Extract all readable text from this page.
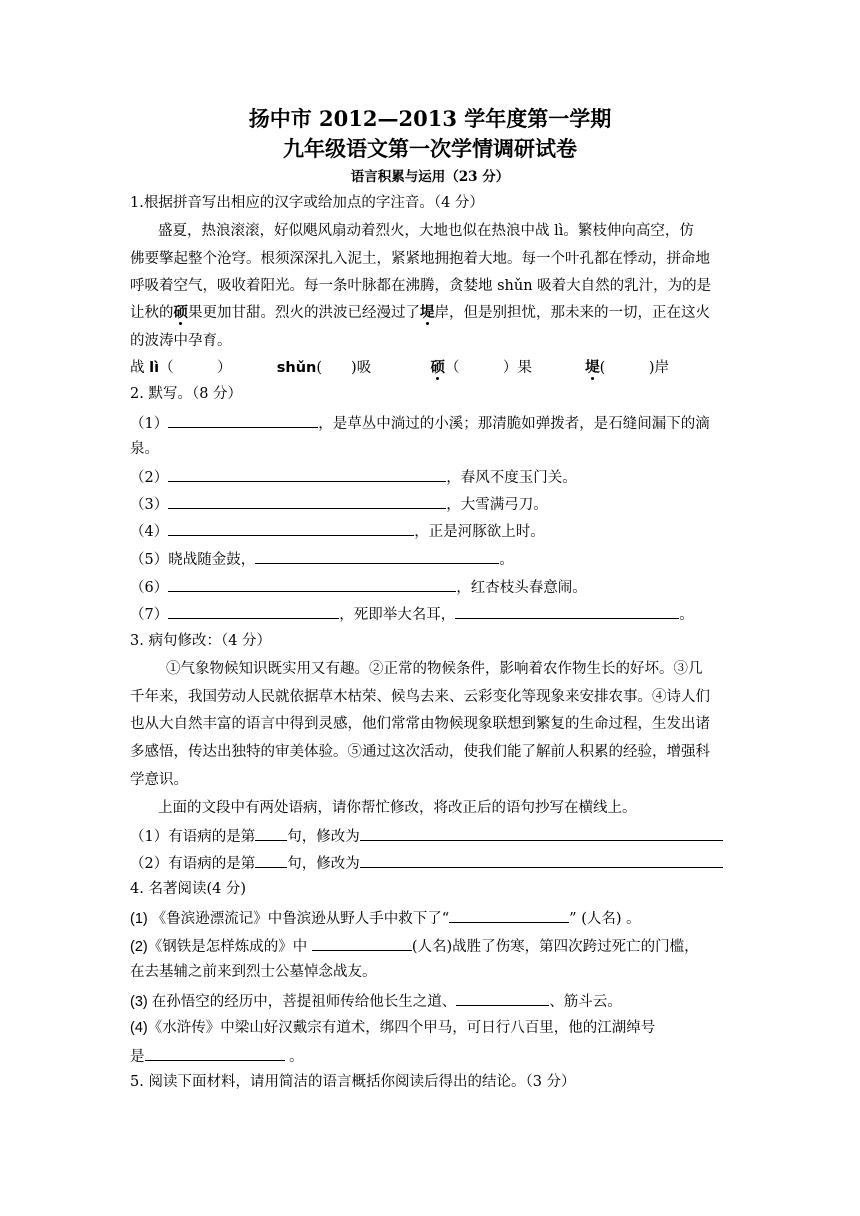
扬中市 2012—2013 学年度第一学期
九年级语文第一次学情调研试卷
语言积累与运用（23 分）
1.根据拼音写出相应的汉字或给加点的字注音。（4 分）
盛夏，热浪滚滚，好似飓风扇动着烈火，大地也似在热浪中战 lì。繁枝伸向高空，仿
佛要擎起整个沧穹。根须深深扎入泥土，紧紧地拥抱着大地。每一个叶孔都在悸动，拼命地
呼吸着空气，吸收着阳光。每一条叶脉都在沸腾，贪婪地 shǔn 吸着大自然的乳汁，为的是
让秋的硕果更加甘甜。烈火的洪波已经漫过了堤岸，但是别担忧，那未来的一切，正在这火
的波涛中孕育。
战 lì（　　　）	shǔn(　　)吸	硕（　　　）果	堤(　　　)岸
2. 默写。（8 分）
（1）	，是草丛中淌过的小溪；那清脆如弹拨者，是石缝间漏下的滴
泉。
（2）	，春风不度玉门关。
（3）	，大雪满弓刀。
（4）	，正是河豚欲上时。
（5）晓战随金鼓，	。
（6）	，红杏枝头春意闹。
（7）	，死即举大名耳，	。
3. 病句修改：（4 分）
①气象物候知识既实用又有趣。②正常的物候条件，影响着农作物生长的好坏。③几
千年来，我国劳动人民就依据草木枯荣、候鸟去来、云彩变化等现象来安排农事。④诗人们
也从大自然丰富的语言中得到灵感，他们常常由物候现象联想到繁复的生命过程，生发出诸
多感悟，传达出独特的审美体验。⑤通过这次活动，使我们能了解前人积累的经验，增强科
学意识。
上面的文段中有两处语病，请你帮忙修改，将改正后的语句抄写在横线上。
（1）有语病的是第 句，修改为
（2）有语病的是第 句，修改为
4. 名著阅读(4 分)
(1) 《鲁滨逊漂流记》中鲁滨逊从野人手中救下了“	” (人名) 。
(2)《钢铁是怎样炼成的》中	(人名)战胜了伤寒，第四次跨过死亡的门槛，
在去基辅之前来到烈士公墓悼念战友。
(3) 在孙悟空的经历中，菩提祖师传给他长生之道、	、筋斗云。
(4)《水浒传》中梁山好汉戴宗有道术，绑四个甲马，可日行八百里，他的江湖绰号
是	。
5. 阅读下面材料，请用简洁的语言概括你阅读后得出的结论。（3 分）
